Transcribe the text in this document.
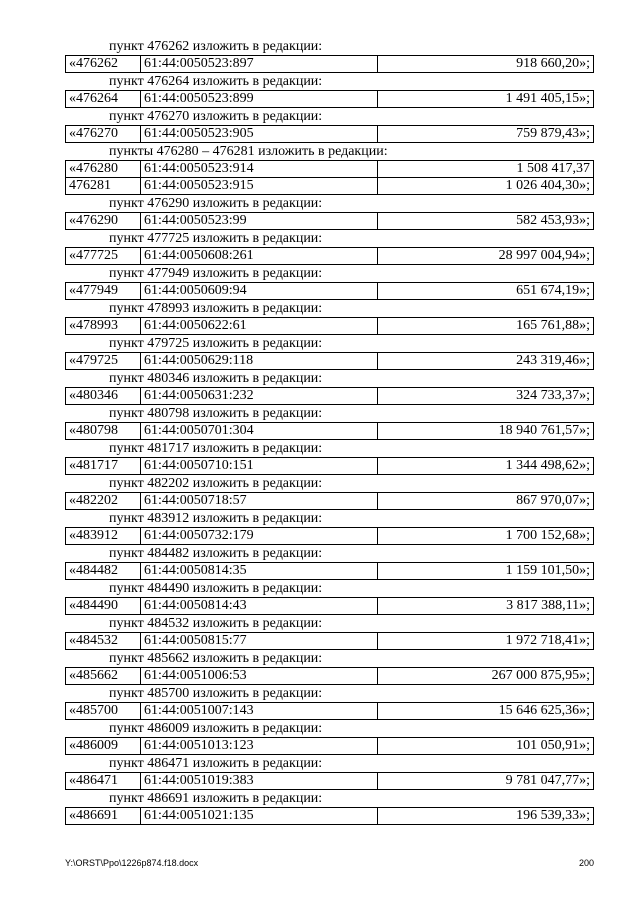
пункт 476262 изложить в редакции:
«476262	61:44:0050523:897	918 660,20»;
пункт 476264 изложить в редакции:
«476264	61:44:0050523:899	1 491 405,15»;
пункт 476270 изложить в редакции:
«476270	61:44:0050523:905	759 879,43»;
пункты 476280 – 476281 изложить в редакции:
«476280	61:44:0050523:914	1 508 417,37
476281	61:44:0050523:915	1 026 404,30»;
пункт 476290 изложить в редакции:
«476290	61:44:0050523:99	582 453,93»;
пункт 477725 изложить в редакции:
«477725	61:44:0050608:261	28 997 004,94»;
пункт 477949 изложить в редакции:
«477949	61:44:0050609:94	651 674,19»;
пункт 478993 изложить в редакции:
«478993	61:44:0050622:61	165 761,88»;
пункт 479725 изложить в редакции:
«479725	61:44:0050629:118	243 319,46»;
пункт 480346 изложить в редакции:
«480346	61:44:0050631:232	324 733,37»;
пункт 480798 изложить в редакции:
«480798	61:44:0050701:304	18 940 761,57»;
пункт 481717 изложить в редакции:
«481717	61:44:0050710:151	1 344 498,62»;
пункт 482202 изложить в редакции:
«482202	61:44:0050718:57	867 970,07»;
пункт 483912 изложить в редакции:
«483912	61:44:0050732:179	1 700 152,68»;
пункт 484482 изложить в редакции:
«484482	61:44:0050814:35	1 159 101,50»;
пункт 484490 изложить в редакции:
«484490	61:44:0050814:43	3 817 388,11»;
пункт 484532 изложить в редакции:
«484532	61:44:0050815:77	1 972 718,41»;
пункт 485662 изложить в редакции:
«485662	61:44:0051006:53	267 000 875,95»;
пункт 485700 изложить в редакции:
«485700	61:44:0051007:143	15 646 625,36»;
пункт 486009 изложить в редакции:
«486009	61:44:0051013:123	101 050,91»;
пункт 486471 изложить в редакции:
«486471	61:44:0051019:383	9 781 047,77»;
пункт 486691 изложить в редакции:
«486691	61:44:0051021:135	196 539,33»;
Y:\ORST\Ppo\1226p874.f18.docx	200
